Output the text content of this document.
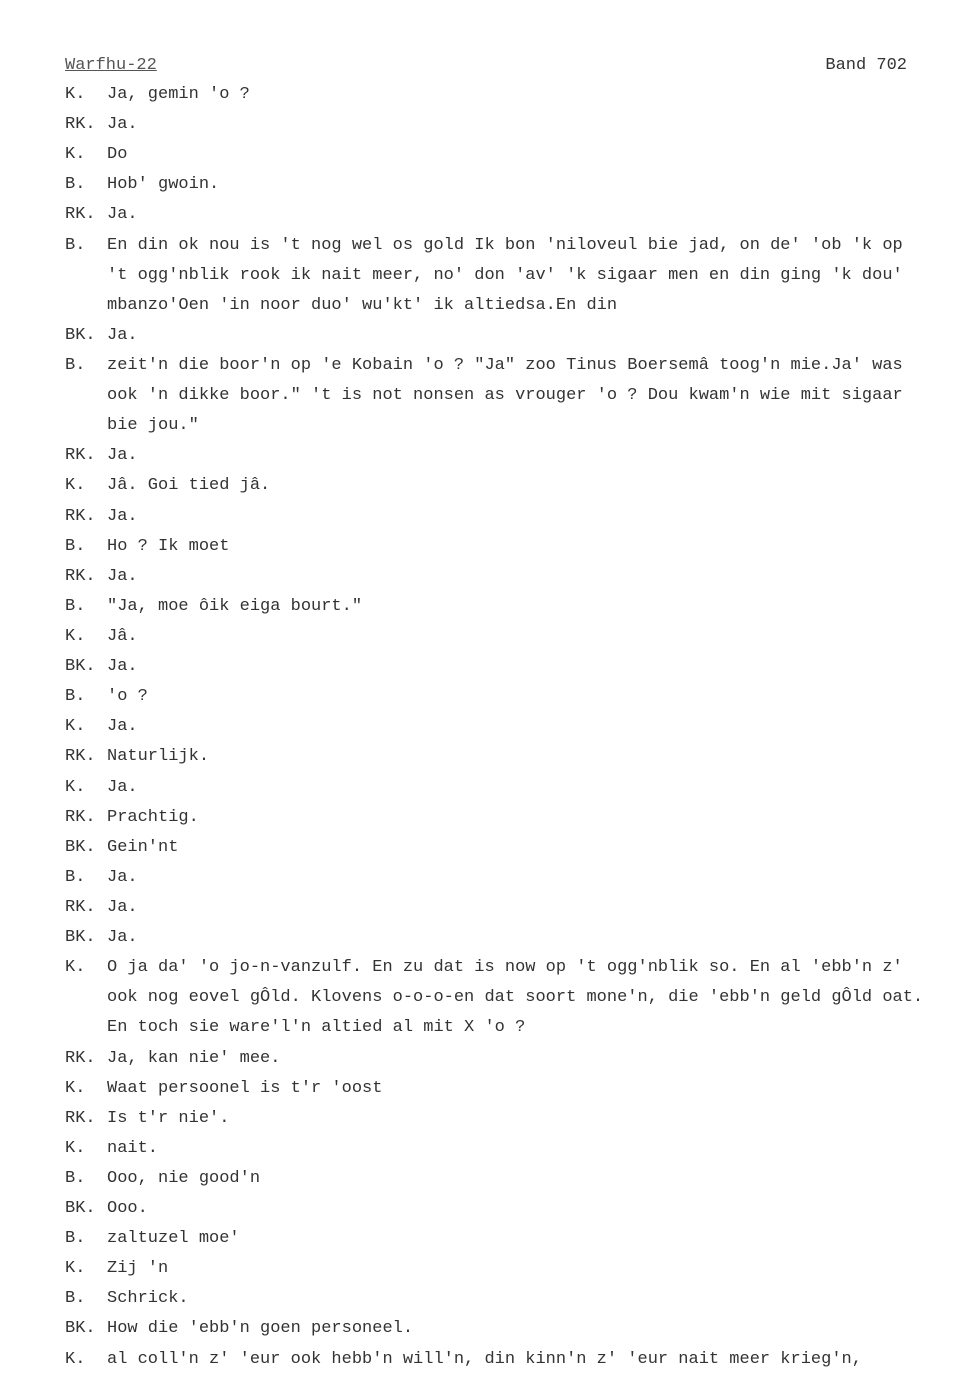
Warfhu-22	Band 702
K.	Ja, gemin 'o ?
RK. Ja.
K.	Do
B.	Hob' gwoin.
RK. Ja.
B.	En din ok nou is 't nog wel os gold Ik bon 'niloveul bie jad, on de' 'ob 'k op
't ogg'nblik rook ik nait meer, no' don 'av' 'k sigaar men en din ging 'k dou'
mbanzo'Oen 'in noor duo' wu'kt' ik altiedsa.En din
BK. Ja.
B.	zeit'n die boor'n op 'e Kobain 'o ? "Ja" zoo Tinus Boersemâ toog'n mie.Ja' was
ook 'n dikke boor." 't is not nonsen as vrouger 'o ? Dou kwam'n wie mit sigaar
bie jou."
RK. Ja.
K.	Jâ. Goi tied jâ.
RK. Ja.
B.	Ho ? Ik moet
RK. Ja.
B.	"Ja, moe ôik eiga bourt."
K.	Jâ.
BK. Ja.
B.	'o ?
K.	Ja.
RK. Naturlijk.
K.	Ja.
RK. Prachtig.
BK. Gein'nt
B.	Ja.
RK. Ja.
BK. Ja.
K.	O ja da' 'o jo-n-vanzulf. En zu dat is now op 't ogg'nblik so. En al 'ebb'n z'
ook nog eovel gÔld. Klovens o-o-o-en dat soort mone'n, die 'ebb'n geld gÔld oat.
En toch sie ware'l'n altied al mit X 'o ?
RK. Ja, kan nie' mee.
K.	Waat persoonel is t'r 'oost
RK. Is t'r nie'.
K.	nait.
B.	Ooo, nie good'n
BK. Ooo.
B.	zaltuzel moe'
K.	Zij 'n
B.	Schrick.
BK. How die 'ebb'n goen personeel.
K.	al coll'n z' 'eur ook hebb'n will'n, din kinn'n z' 'eur nait meer krieg'n,
